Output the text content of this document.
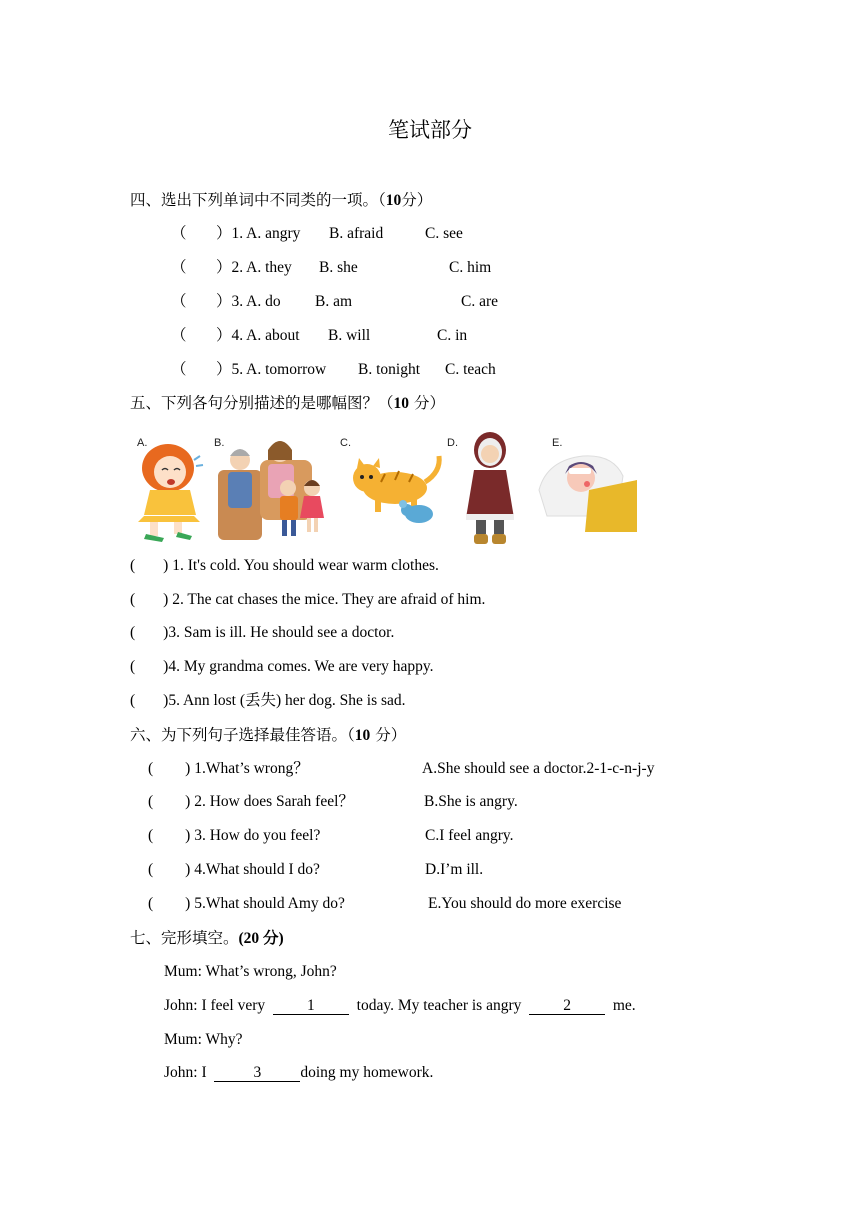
笔试部分
四、选出下列单词中不同类的一项。（10分）
（ ）1. A. angry B. afraid	C. see
（ ）2. A. they B. she	C. him
（ ）3. A. do B. am	C. are
（ ）4. A. about B. will	C. in
（ ）5. A. tomorrow B. tonight C. teach
五、下列各句分别描述的是哪幅图？（10 分）
A.	B.	C.	D.	E.
( ) 1. It's cold. You should wear warm clothes.
( ) 2. The cat chases the mice. They are afraid of him.
( )3. Sam is ill. He should see a doctor.
( )4. My grandma comes. We are very happy.
( )5. Ann lost (丢失) her dog. She is sad.
六、为下列句子选择最佳答语。（10 分）
( ) 1.What’s wrong？	A.She should see a doctor.2-1-c-n-j-y
( ) 2. How does Sarah feel？	B.She is angry.
( ) 3. How do you feel?	C.I feel angry.
( ) 4.What should I do?	D.I’m ill.
( ) 5.What should Amy do?	E.You should do more exercise
七、完形填空。(20 分)
Mum: What’s wrong, John?
John: I feel very	1	today. My teacher is angry	2	me.
Mum: Why?
John: I	3	doing my homework.
